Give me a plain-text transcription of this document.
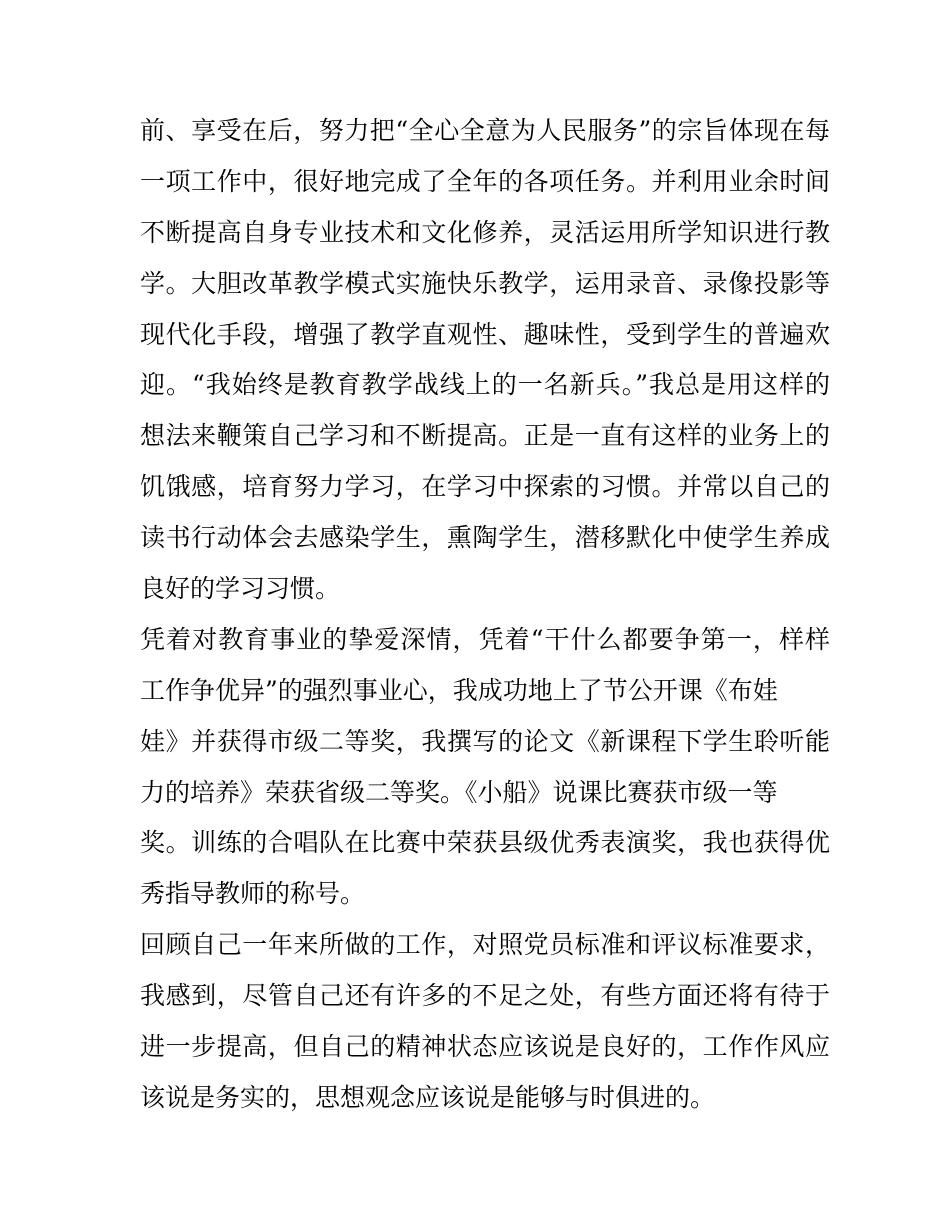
前、享受在后，努力把“全心全意为人民服务”的宗旨体现在每
一项工作中，很好地完成了全年的各项任务。并利用业余时间
不断提高自身专业技术和文化修养，灵活运用所学知识进行教
学。大胆改革教学模式实施快乐教学，运用录音、录像投影等
现代化手段，增强了教学直观性、趣味性，受到学生的普遍欢
迎。“我始终是教育教学战线上的一名新兵。”我总是用这样的
想法来鞭策自己学习和不断提高。正是一直有这样的业务上的
饥饿感，培育努力学习，在学习中探索的习惯。并常以自己的
读书行动体会去感染学生，熏陶学生，潜移默化中使学生养成
良好的学习习惯。
凭着对教育事业的挚爱深情，凭着“干什么都要争第一，样样
工作争优异”的强烈事业心，我成功地上了节公开课《布娃
娃》并获得市级二等奖，我撰写的论文《新课程下学生聆听能
力的培养》荣获省级二等奖。《小船》说课比赛获市级一等
奖。训练的合唱队在比赛中荣获县级优秀表演奖，我也获得优
秀指导教师的称号。
回顾自己一年来所做的工作，对照党员标准和评议标准要求，
我感到，尽管自己还有许多的不足之处，有些方面还将有待于
进一步提高，但自己的精神状态应该说是良好的，工作作风应
该说是务实的，思想观念应该说是能够与时俱进的。
